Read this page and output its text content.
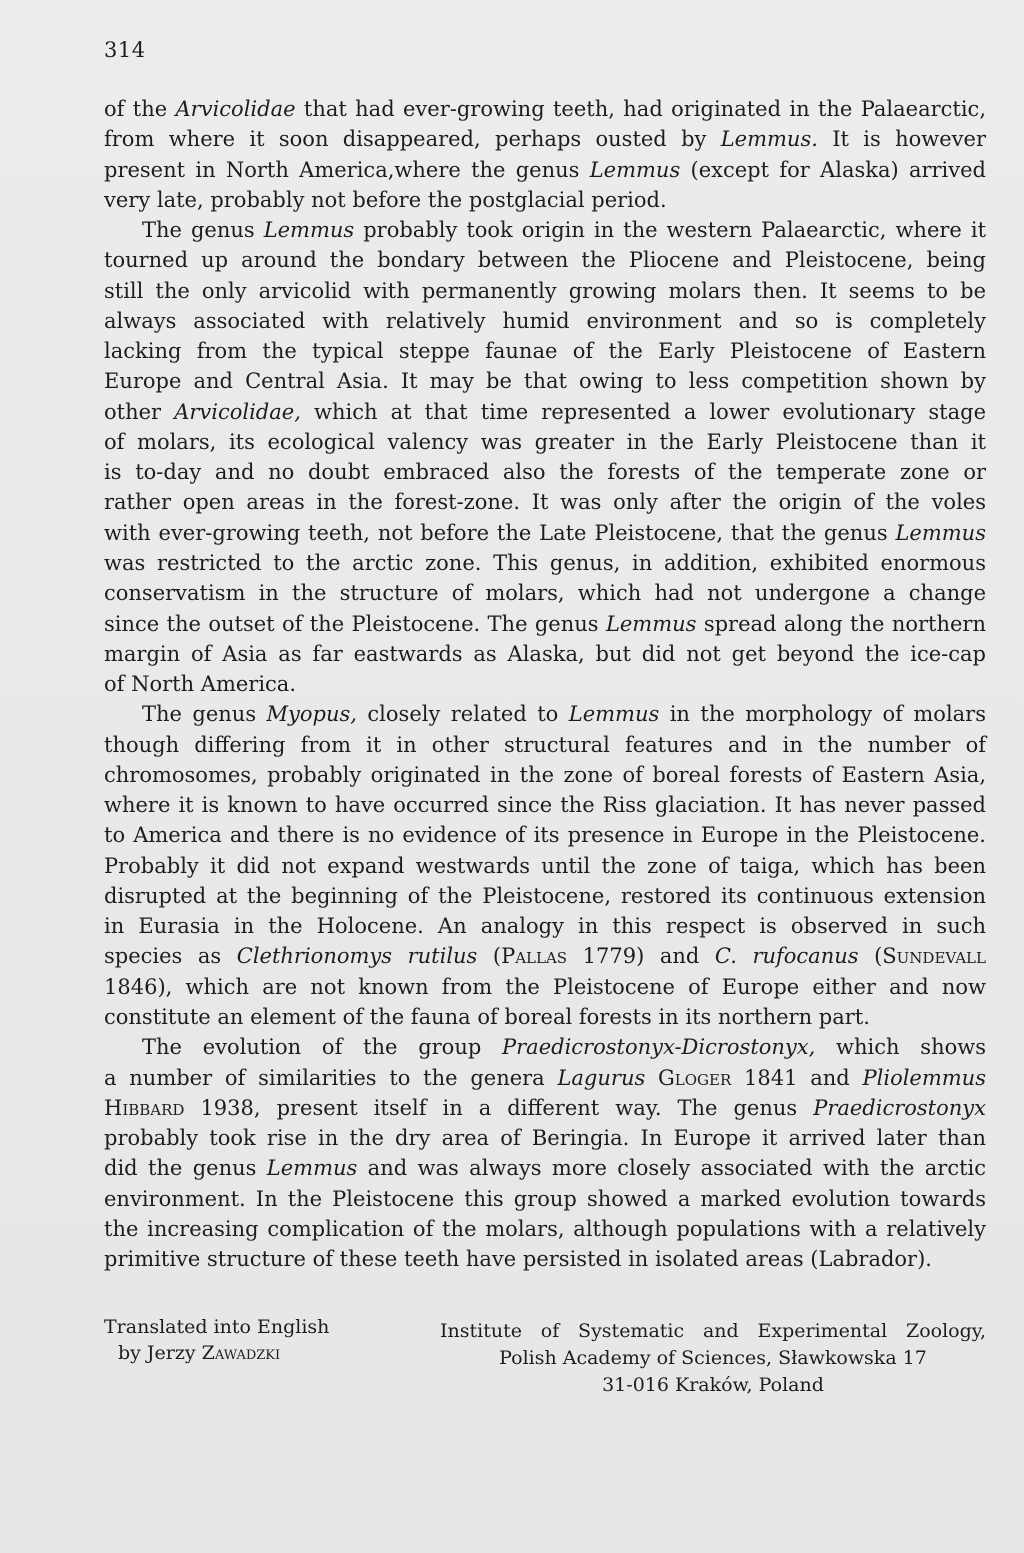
314
of the Arvicolidae that had ever-growing teeth, had originated in the Palaearctic,
from where it soon disappeared, perhaps ousted by Lemmus. It is however
present in North America,where the genus Lemmus (except for Alaska) arrived
very late, probably not before the postglacial period.
The genus Lemmus probably took origin in the western Palaearctic, where it
tourned up around the bondary between the Pliocene and Pleistocene, being
still the only arvicolid with permanently growing molars then. It seems to be
always associated with relatively humid environment and so is completely
lacking from the typical steppe faunae of the Early Pleistocene of Eastern
Europe and Central Asia. It may be that owing to less competition shown by
other Arvicolidae, which at that time represented a lower evolutionary stage
of molars, its ecological valency was greater in the Early Pleistocene than it
is to-day and no doubt embraced also the forests of the temperate zone or
rather open areas in the forest-zone. It was only after the origin of the voles
with ever-growing teeth, not before the Late Pleistocene, that the genus Lemmus
was restricted to the arctic zone. This genus, in addition, exhibited enormous
conservatism in the structure of molars, which had not undergone a change
since the outset of the Pleistocene. The genus Lemmus spread along the northern
margin of Asia as far eastwards as Alaska, but did not get beyond the ice-cap
of North America.
The genus Myopus, closely related to Lemmus in the morphology of molars
though differing from it in other structural features and in the number of
chromosomes, probably originated in the zone of boreal forests of Eastern Asia,
where it is known to have occurred since the Riss glaciation. It has never passed
to America and there is no evidence of its presence in Europe in the Pleistocene.
Probably it did not expand westwards until the zone of taiga, which has been
disrupted at the beginning of the Pleistocene, restored its continuous extension
in Eurasia in the Holocene. An analogy in this respect is observed in such
species as Clethrionomys rutilus (Pallas 1779) and C. rufocanus (Sundevall
1846), which are not known from the Pleistocene of Europe either and now
constitute an element of the fauna of boreal forests in its northern part.
The evolution of the group Praedicrostonyx-Dicrostonyx, which shows
a number of similarities to the genera Lagurus Gloger 1841 and Pliolemmus
Hibbard 1938, present itself in a different way. The genus Praedicrostonyx
probably took rise in the dry area of Beringia. In Europe it arrived later than
did the genus Lemmus and was always more closely associated with the arctic
environment. In the Pleistocene this group showed a marked evolution towards
the increasing complication of the molars, although populations with a relatively
primitive structure of these teeth have persisted in isolated areas (Labrador).
Translated into English
by Jerzy Zawadzki
Institute of Systematic and Experimental Zoology,
Polish Academy of Sciences, Sławkowska 17
31-016 Kraków, Poland
